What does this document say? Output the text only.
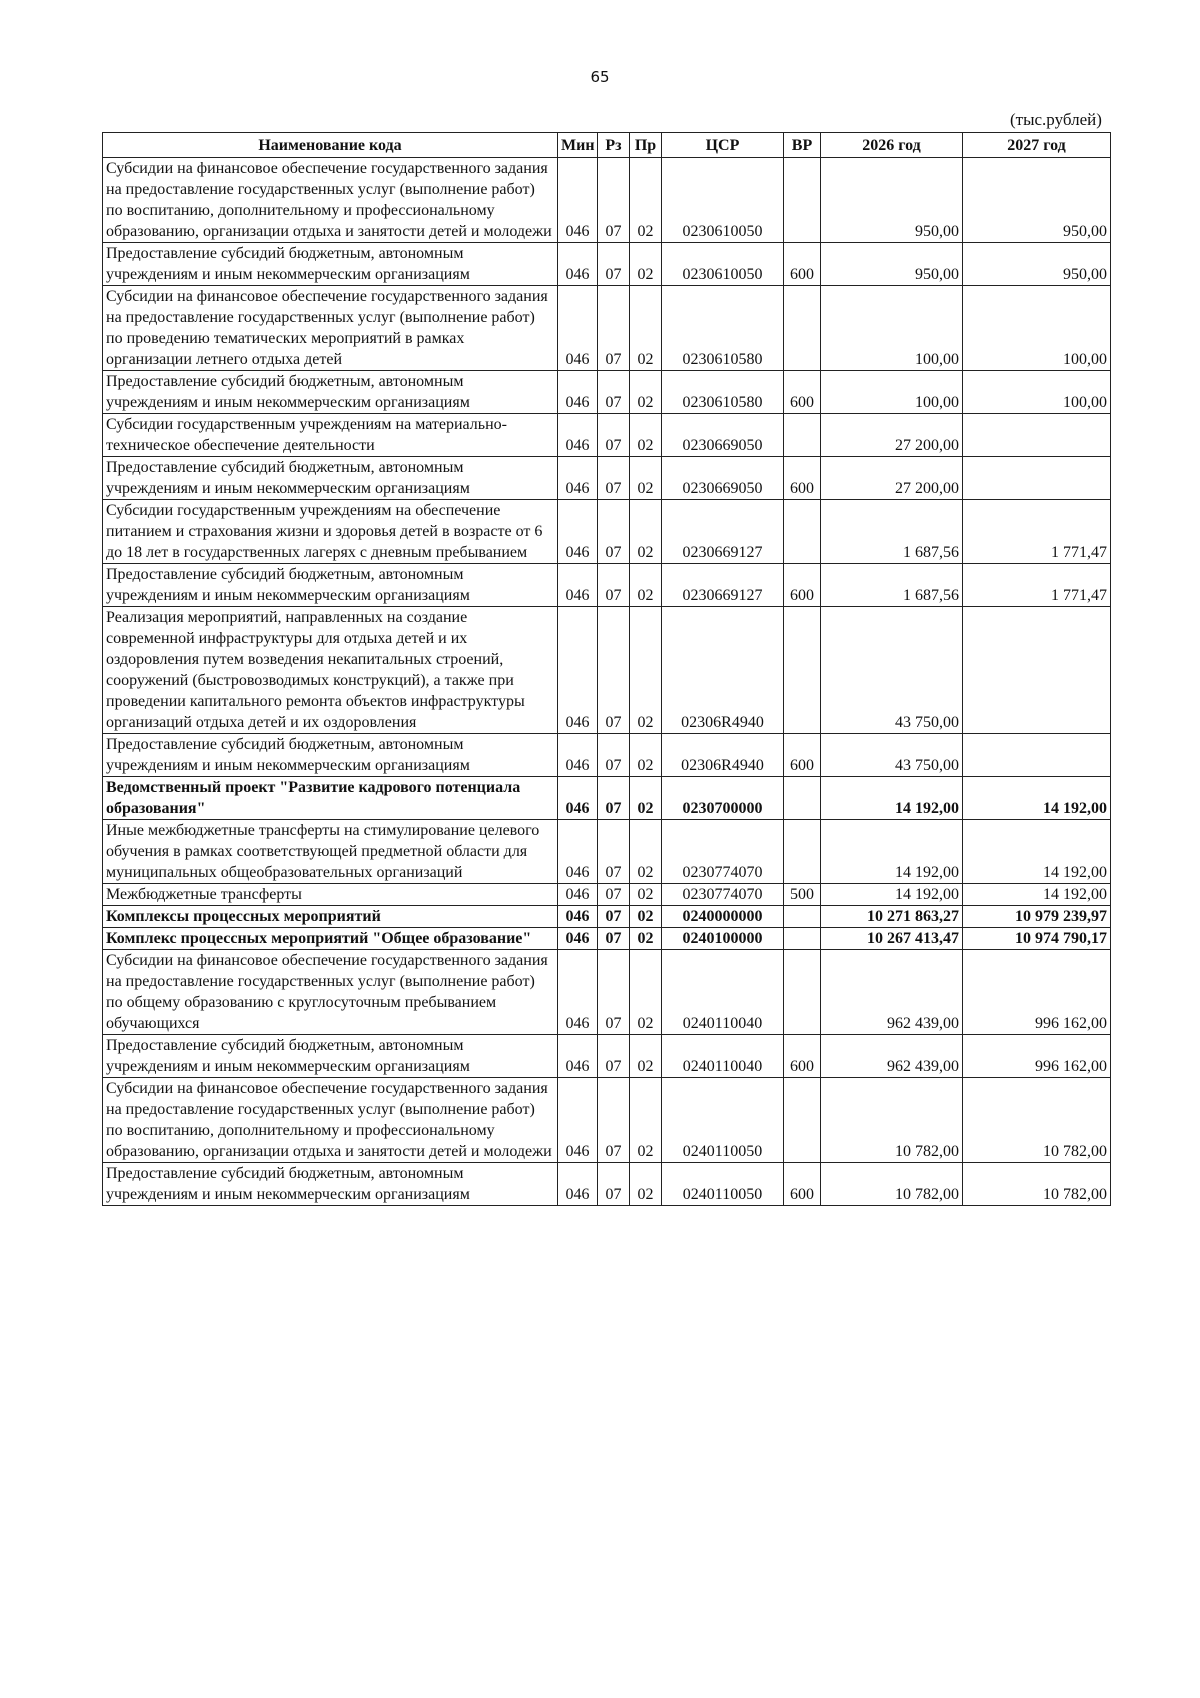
65
(тыс.рублей)
Наименование кода	Мин	Рз	Пр	ЦСР	ВР	2026 год	2027 год
Субсидии на финансовое обеспечение государственного задания на предоставление государственных услуг (выполнение работ) по воспитанию, дополнительному и профессиональному образованию, организации отдыха и занятости детей и молодежи	046	07	02	0230610050		950,00	950,00
Предоставление субсидий бюджетным, автономным учреждениям и иным некоммерческим организациям	046	07	02	0230610050	600	950,00	950,00
Субсидии на финансовое обеспечение государственного задания на предоставление государственных услуг (выполнение работ) по проведению тематических мероприятий в рамках организации летнего отдыха детей	046	07	02	0230610580		100,00	100,00
Предоставление субсидий бюджетным, автономным учреждениям и иным некоммерческим организациям	046	07	02	0230610580	600	100,00	100,00
Субсидии государственным учреждениям на материально-техническое обеспечение деятельности	046	07	02	0230669050		27 200,00	
Предоставление субсидий бюджетным, автономным учреждениям и иным некоммерческим организациям	046	07	02	0230669050	600	27 200,00	
Субсидии государственным учреждениям на обеспечение питанием и страхования жизни и здоровья детей в возрасте от 6 до 18 лет в государственных лагерях с дневным пребыванием	046	07	02	0230669127		1 687,56	1 771,47
Предоставление субсидий бюджетным, автономным учреждениям и иным некоммерческим организациям	046	07	02	0230669127	600	1 687,56	1 771,47
Реализация мероприятий, направленных на создание современной инфраструктуры для отдыха детей и их оздоровления путем возведения некапитальных строений, сооружений (быстровозводимых конструкций), а также при проведении капитального ремонта объектов инфраструктуры организаций отдыха детей и их оздоровления	046	07	02	02306R4940		43 750,00	
Предоставление субсидий бюджетным, автономным учреждениям и иным некоммерческим организациям	046	07	02	02306R4940	600	43 750,00	
Ведомственный проект "Развитие кадрового потенциала образования"	046	07	02	0230700000		14 192,00	14 192,00
Иные межбюджетные трансферты на стимулирование целевого обучения в рамках соответствующей предметной области для муниципальных общеобразовательных организаций	046	07	02	0230774070		14 192,00	14 192,00
Межбюджетные трансферты	046	07	02	0230774070	500	14 192,00	14 192,00
Комплексы процессных мероприятий	046	07	02	0240000000		10 271 863,27	10 979 239,97
Комплекс процессных мероприятий "Общее образование"	046	07	02	0240100000		10 267 413,47	10 974 790,17
Субсидии на финансовое обеспечение государственного задания на предоставление государственных услуг (выполнение работ) по общему образованию с круглосуточным пребыванием обучающихся	046	07	02	0240110040		962 439,00	996 162,00
Предоставление субсидий бюджетным, автономным учреждениям и иным некоммерческим организациям	046	07	02	0240110040	600	962 439,00	996 162,00
Субсидии на финансовое обеспечение государственного задания на предоставление государственных услуг (выполнение работ) по воспитанию, дополнительному и профессиональному образованию, организации отдыха и занятости детей и молодежи	046	07	02	0240110050		10 782,00	10 782,00
Предоставление субсидий бюджетным, автономным учреждениям и иным некоммерческим организациям	046	07	02	0240110050	600	10 782,00	10 782,00
